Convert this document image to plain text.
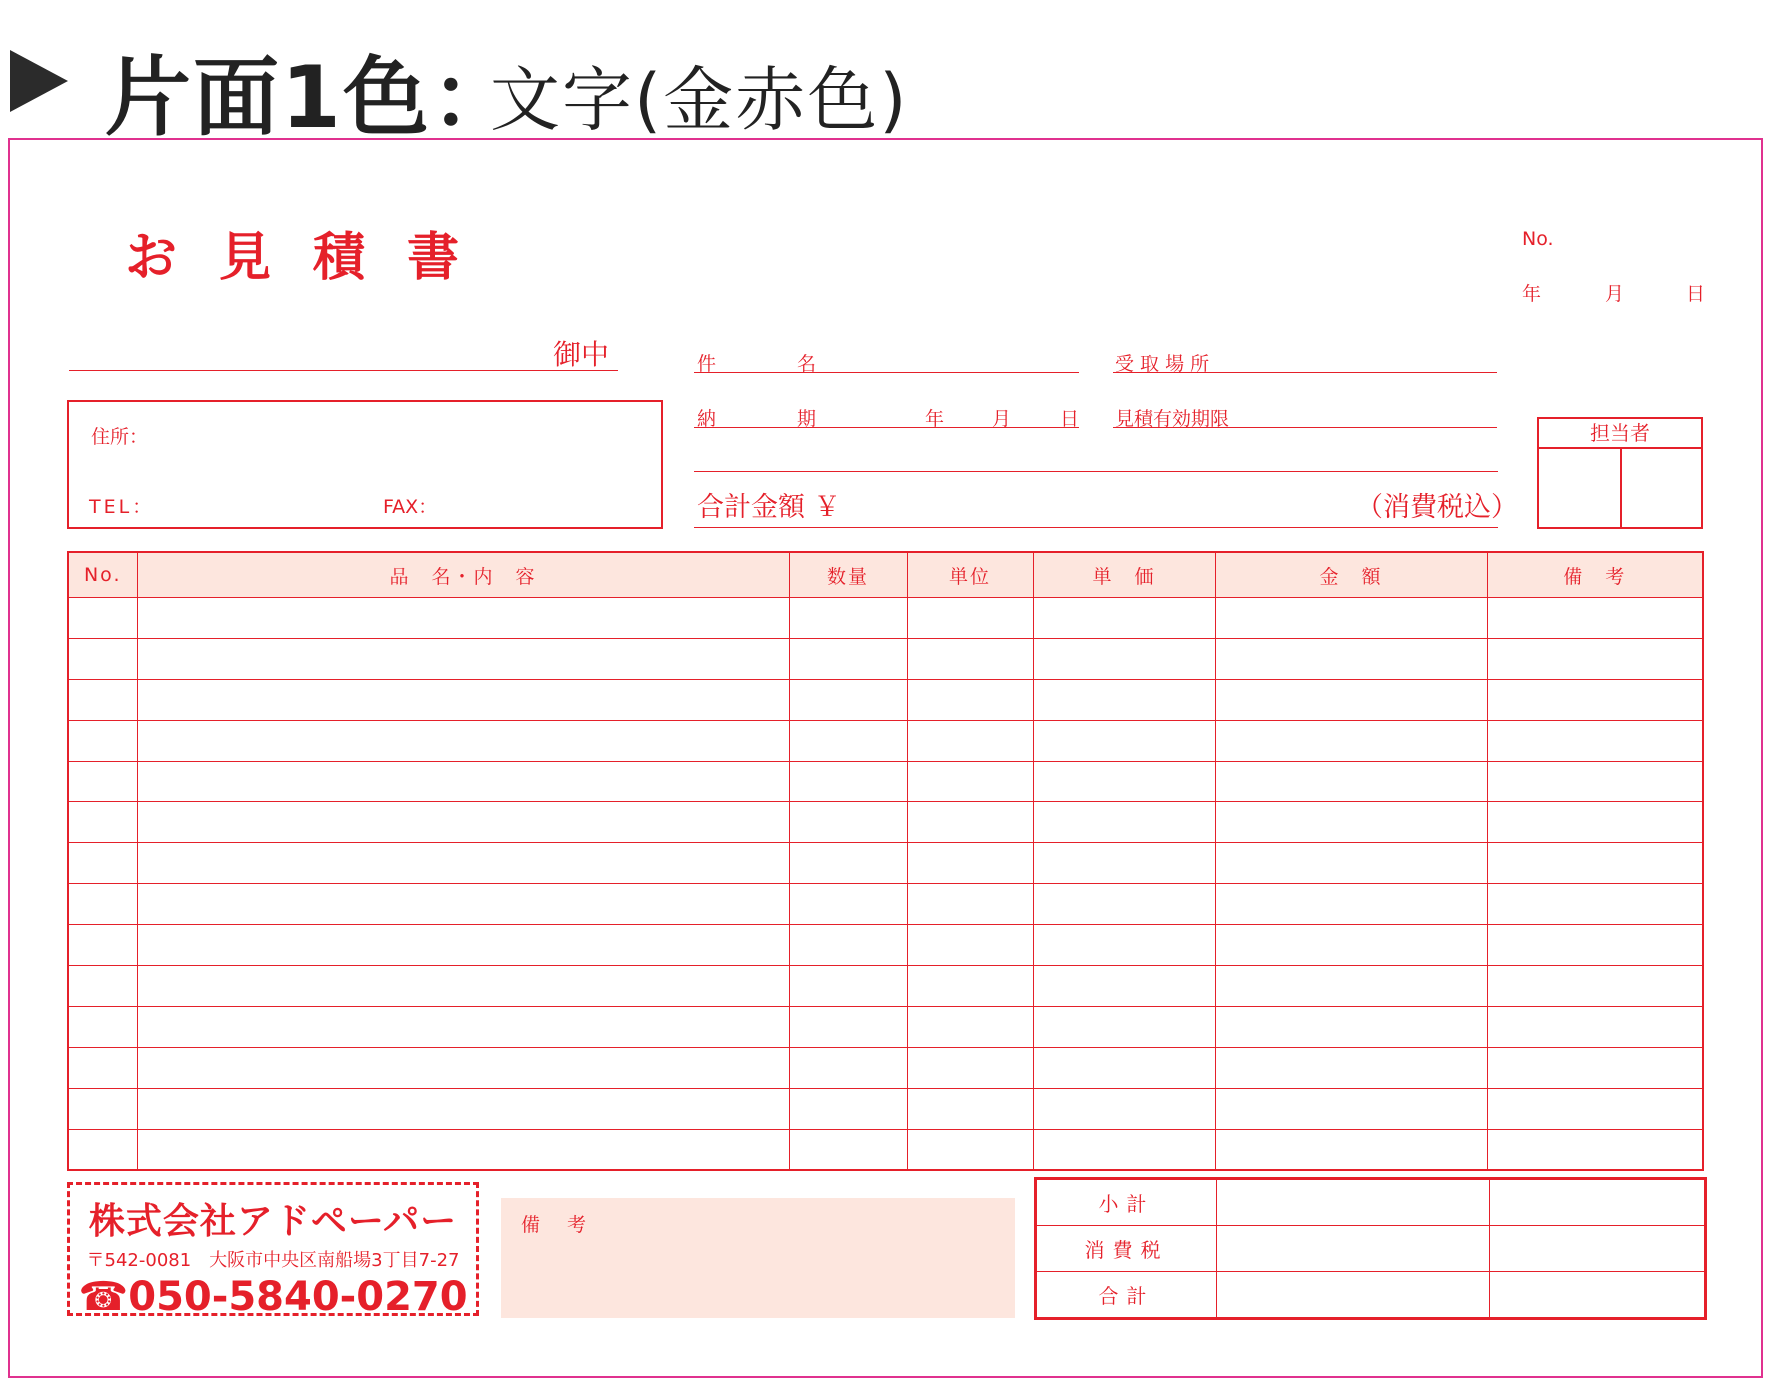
片面1色：
文字(金赤色)
お見積書	No.
年	月	日
御中	件	名	受 取 場 所
納	期	年	月	日 見積有効期限
住所：
TEL：	FAX：	合計金額 ￥	（消費税込）
担当者
No.	品　名・内　容	数量	単位	単　価	金　額	備　考

株式会社アドペーパー
〒542-0081　大阪市中央区南船場3丁目7-27
☎050-5840-0270
備　考
小計		
消費税		
合計		
